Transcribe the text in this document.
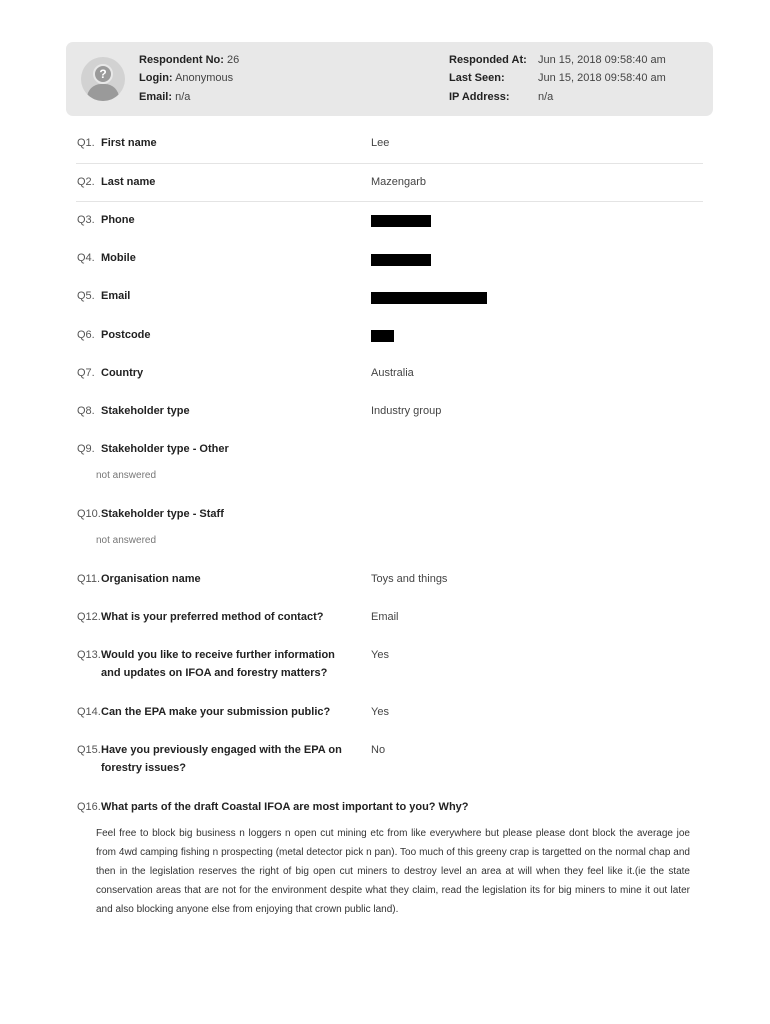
?
Respondent No: 26
Login: Anonymous
Email: n/a
Responded At: Jun 15, 2018 09:58:40 am
Last Seen:	Jun 15, 2018 09:58:40 am
IP Address:	n/a
Q1. First name	Lee
Q2. Last name	Mazengarb
Q3. Phone
Q4. Mobile
Q5. Email
Q6. Postcode
Q7. Country	Australia
Q8. Stakeholder type	Industry group
Q9. Stakeholder type - Other
not answered
Q10. Stakeholder type - Staff
not answered
Q11. Organisation name	Toys and things
Q12. What is your preferred method of contact?	Email
Q13. Would you like to receive further information and updates on IFOA and forestry matters?
Yes
Q14. Can the EPA make your submission public?	Yes
Q15. Have you previously engaged with the EPA on forestry issues?
No
Q16. What parts of the draft Coastal IFOA are most important to you? Why?
Feel free to block big business n loggers n open cut mining etc from like everywhere but please please dont block the average joe from 4wd camping fishing n prospecting (metal detector pick n pan). Too much of this greeny crap is targetted on the normal chap and then in the legislation reserves the right of big open cut miners to destroy level an area at will when they feel like it.(ie the state conservation areas that are not for the environment despite what they claim, read the legislation its for big miners to mine it out later and also blocking anyone else from enjoying that crown public land).
